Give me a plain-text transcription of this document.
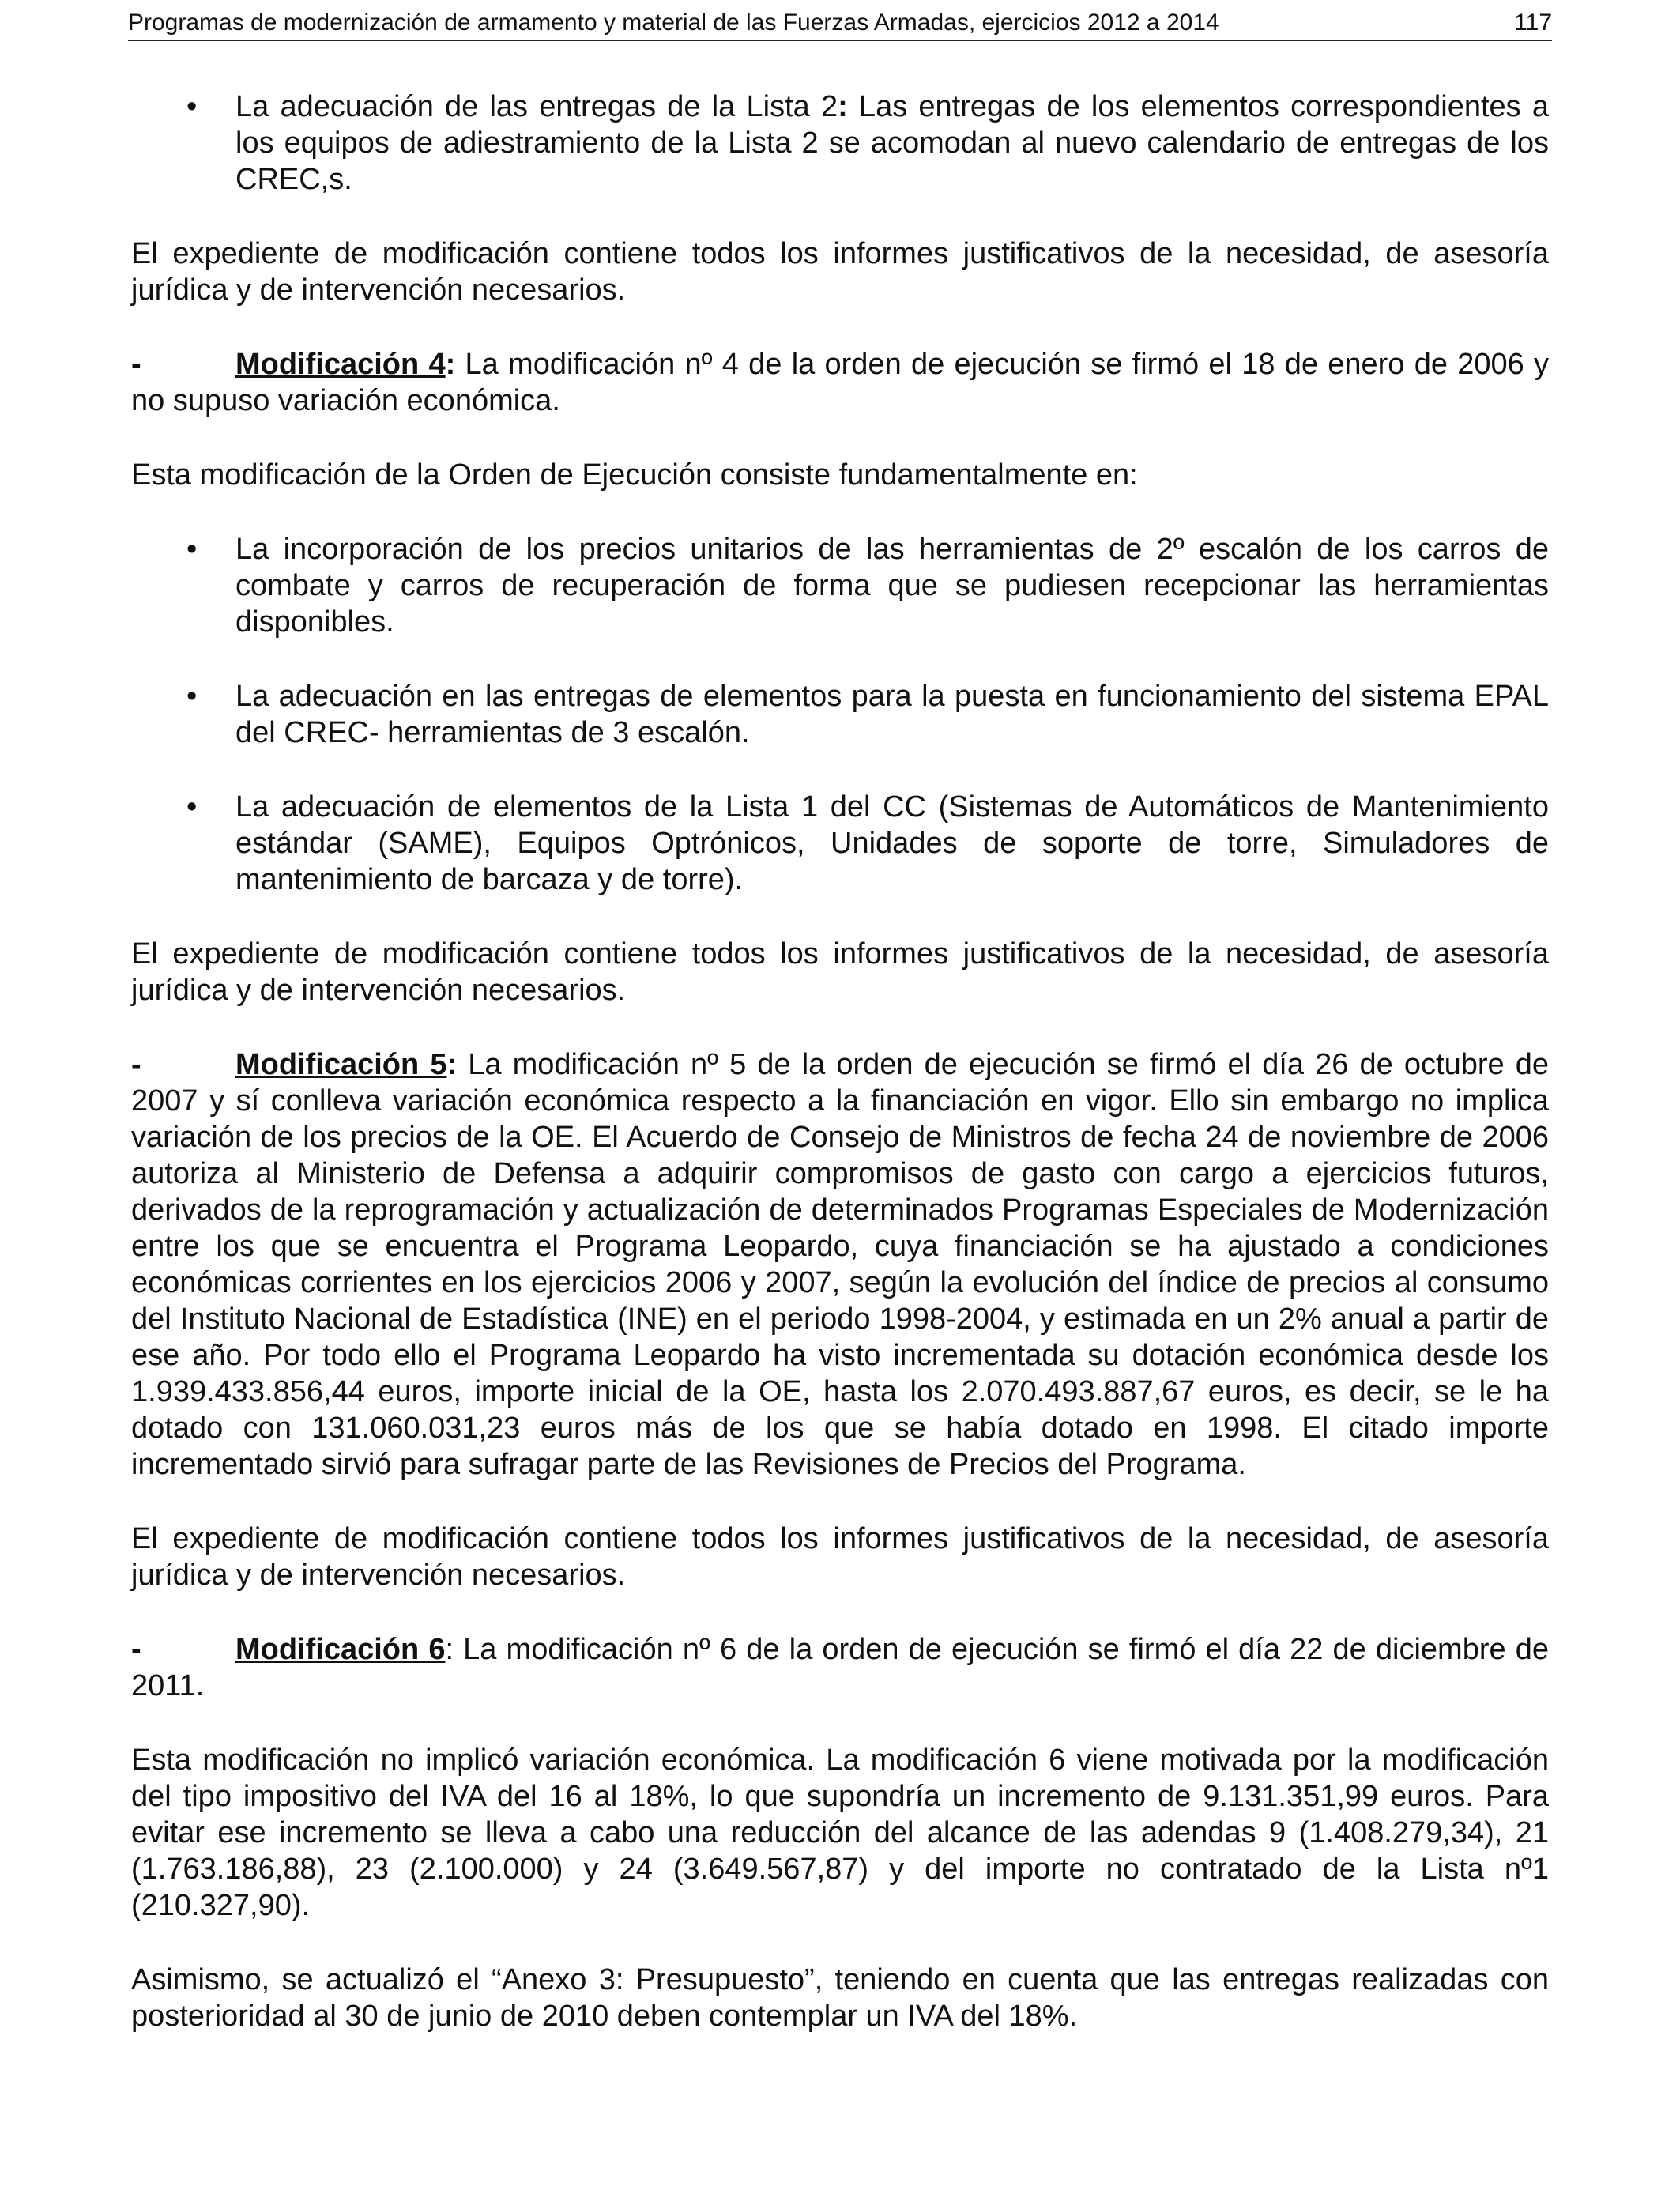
Programas de modernización de armamento y material de las Fuerzas Armadas, ejercicios 2012 a 2014	117
• La adecuación de las entregas de la Lista 2: Las entregas de los elementos correspondientes a los equipos de adiestramiento de la Lista 2 se acomodan al nuevo calendario de entregas de los CREC,s.

El expediente de modificación contiene todos los informes justificativos de la necesidad, de asesoría jurídica y de intervención necesarios.

-	Modificación 4: La modificación nº 4 de la orden de ejecución se firmó el 18 de enero de 2006 y no supuso variación económica.

Esta modificación de la Orden de Ejecución consiste fundamentalmente en:

• La incorporación de los precios unitarios de las herramientas de 2º escalón de los carros de combate y carros de recuperación de forma que se pudiesen recepcionar las herramientas disponibles.
• La adecuación en las entregas de elementos para la puesta en funcionamiento del sistema EPAL del CREC- herramientas de 3 escalón.
• La adecuación de elementos de la Lista 1 del CC (Sistemas de Automáticos de Mantenimiento estándar (SAME), Equipos Optrónicos, Unidades de soporte de torre, Simuladores de mantenimiento de barcaza y de torre).

El expediente de modificación contiene todos los informes justificativos de la necesidad, de asesoría jurídica y de intervención necesarios.

-	Modificación 5: La modificación nº 5 de la orden de ejecución se firmó el día 26 de octubre de 2007 y sí conlleva variación económica respecto a la financiación en vigor. Ello sin embargo no implica variación de los precios de la OE. El Acuerdo de Consejo de Ministros de fecha 24 de noviembre de 2006 autoriza al Ministerio de Defensa a adquirir compromisos de gasto con cargo a ejercicios futuros, derivados de la reprogramación y actualización de determinados Programas Especiales de Modernización entre los que se encuentra el Programa Leopardo, cuya financiación se ha ajustado a condiciones económicas corrientes en los ejercicios 2006 y 2007, según la evolución del índice de precios al consumo del Instituto Nacional de Estadística (INE) en el periodo 1998-2004, y estimada en un 2% anual a partir de ese año. Por todo ello el Programa Leopardo ha visto incrementada su dotación económica desde los 1.939.433.856,44 euros, importe inicial de la OE, hasta los 2.070.493.887,67 euros, es decir, se le ha dotado con 131.060.031,23 euros más de los que se había dotado en 1998. El citado importe incrementado sirvió para sufragar parte de las Revisiones de Precios del Programa.

El expediente de modificación contiene todos los informes justificativos de la necesidad, de asesoría jurídica y de intervención necesarios.

-	Modificación 6: La modificación nº 6 de la orden de ejecución se firmó el día 22 de diciembre de 2011.

Esta modificación no implicó variación económica. La modificación 6 viene motivada por la modificación del tipo impositivo del IVA del 16 al 18%, lo que supondría un incremento de 9.131.351,99 euros. Para evitar ese incremento se lleva a cabo una reducción del alcance de las adendas 9 (1.408.279,34), 21 (1.763.186,88), 23 (2.100.000) y 24 (3.649.567,87) y del importe no contratado de la Lista nº1 (210.327,90).

Asimismo, se actualizó el “Anexo 3: Presupuesto”, teniendo en cuenta que las entregas realizadas con posterioridad al 30 de junio de 2010 deben contemplar un IVA del 18%.
